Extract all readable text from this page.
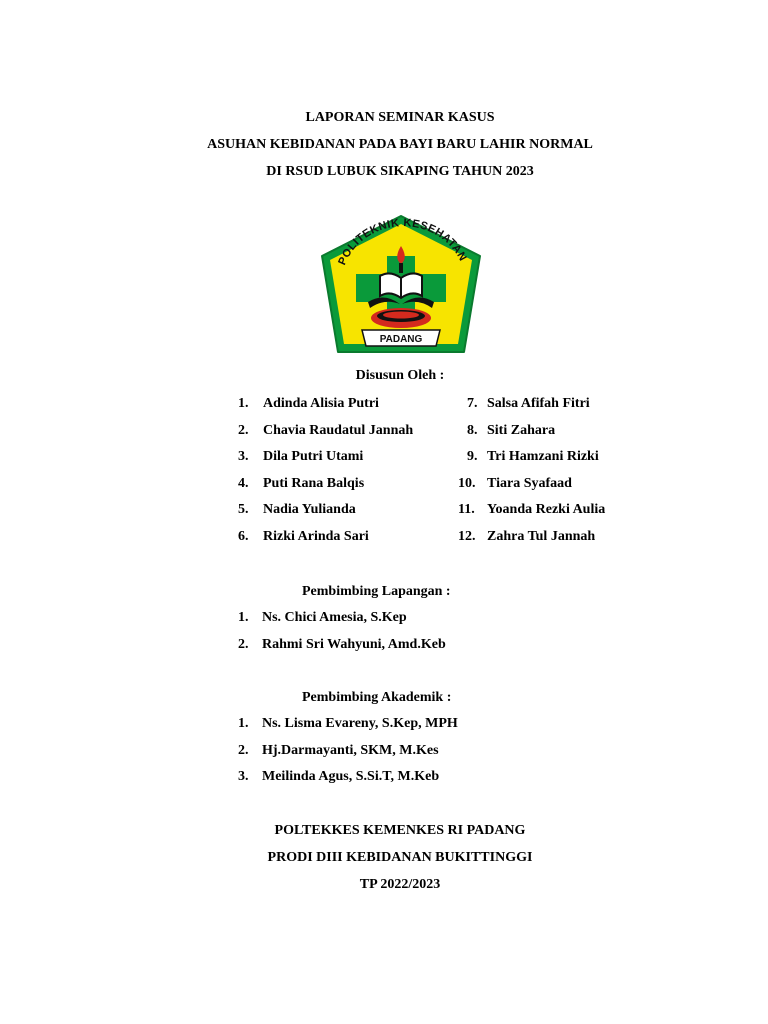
LAPORAN SEMINAR KASUS
ASUHAN KEBIDANAN PADA BAYI BARU LAHIR NORMAL
DI RSUD LUBUK SIKAPING TAHUN 2023
POLITEKNIK KESEHATAN
PADANG
Disusun Oleh :
1. Adinda Alisia Putri
2. Chavia Raudatul Jannah
3. Dila Putri Utami
4. Puti Rana Balqis
5. Nadia Yulianda
6. Rizki Arinda Sari
7. Salsa Afifah Fitri
8. Siti Zahara
9. Tri Hamzani Rizki
10. Tiara Syafaad
11. Yoanda Rezki Aulia
12. Zahra Tul Jannah
Pembimbing Lapangan :
1. Ns. Chici Amesia, S.Kep
2. Rahmi Sri Wahyuni, Amd.Keb
Pembimbing Akademik :
1. Ns. Lisma Evareny, S.Kep, MPH
2. Hj.Darmayanti, SKM, M.Kes
3. Meilinda Agus, S.Si.T, M.Keb
POLTEKKES KEMENKES RI PADANG
PRODI DIII KEBIDANAN BUKITTINGGI
TP 2022/2023
